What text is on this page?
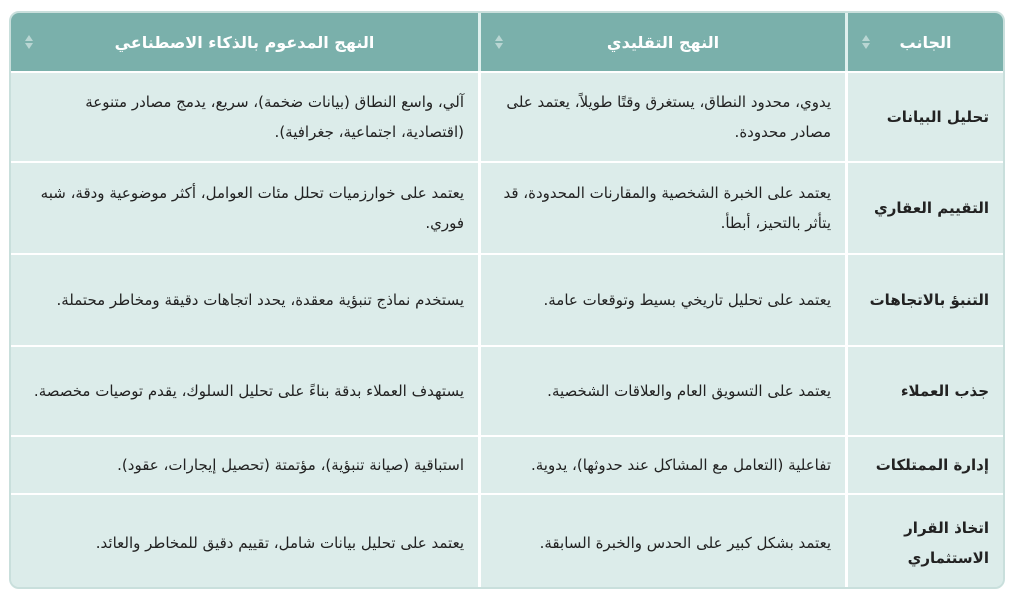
الجانب
النهج التقليدي
النهج المدعوم بالذكاء الاصطناعي
تحليل البيانات
يدوي، محدود النطاق، يستغرق وقتًا طويلاً، يعتمد على مصادر محدودة.
آلي، واسع النطاق (بيانات ضخمة)، سريع، يدمج مصادر متنوعة (اقتصادية، اجتماعية، جغرافية).
التقييم العقاري
يعتمد على الخبرة الشخصية والمقارنات المحدودة، قد يتأثر بالتحيز، أبطأ.
يعتمد على خوارزميات تحلل مئات العوامل، أكثر موضوعية ودقة، شبه فوري.
التنبؤ بالاتجاهات
يعتمد على تحليل تاريخي بسيط وتوقعات عامة.
يستخدم نماذج تنبؤية معقدة، يحدد اتجاهات دقيقة ومخاطر محتملة.
جذب العملاء
يعتمد على التسويق العام والعلاقات الشخصية.
يستهدف العملاء بدقة بناءً على تحليل السلوك، يقدم توصيات مخصصة.
إدارة الممتلكات
تفاعلية (التعامل مع المشاكل عند حدوثها)، يدوية.
استباقية (صيانة تنبؤية)، مؤتمتة (تحصيل إيجارات، عقود).
اتخاذ القرار الاستثماري
يعتمد بشكل كبير على الحدس والخبرة السابقة.
يعتمد على تحليل بيانات شامل، تقييم دقيق للمخاطر والعائد.
